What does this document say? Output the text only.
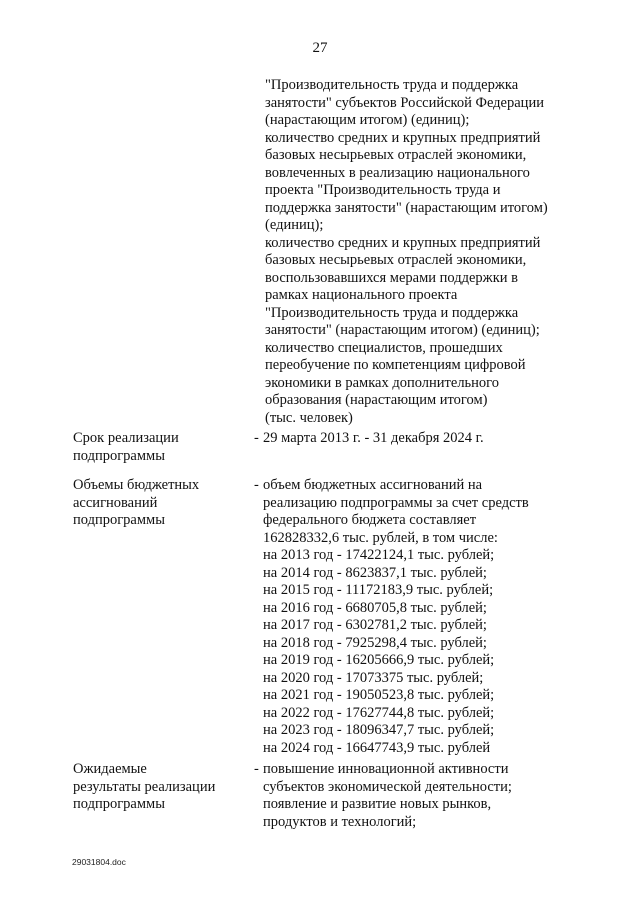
27
"Производительность труда и поддержка
занятости" субъектов Российской Федерации
(нарастающим итогом) (единиц);
количество средних и крупных предприятий
базовых несырьевых отраслей экономики,
вовлеченных в реализацию национального
проекта "Производительность труда и
поддержка занятости" (нарастающим итогом)
(единиц);
количество средних и крупных предприятий
базовых несырьевых отраслей экономики,
воспользовавшихся мерами поддержки в
рамках национального проекта
"Производительность труда и поддержка
занятости" (нарастающим итогом) (единиц);
количество специалистов, прошедших
переобучение по компетенциям цифровой
экономики в рамках дополнительного
образования (нарастающим итогом)
(тыс. человек)
Срок реализации
подпрограммы
- 29 марта 2013 г. - 31 декабря 2024 г.
Объемы бюджетных
ассигнований
подпрограммы
- объем бюджетных ассигнований на
реализацию подпрограммы за счет средств
федерального бюджета составляет
162828332,6 тыс. рублей, в том числе:
на 2013 год - 17422124,1 тыс. рублей;
на 2014 год - 8623837,1 тыс. рублей;
на 2015 год - 11172183,9 тыс. рублей;
на 2016 год - 6680705,8 тыс. рублей;
на 2017 год - 6302781,2 тыс. рублей;
на 2018 год - 7925298,4 тыс. рублей;
на 2019 год - 16205666,9 тыс. рублей;
на 2020 год - 17073375 тыс. рублей;
на 2021 год - 19050523,8 тыс. рублей;
на 2022 год - 17627744,8 тыс. рублей;
на 2023 год - 18096347,7 тыс. рублей;
на 2024 год - 16647743,9 тыс. рублей
Ожидаемые
результаты реализации
подпрограммы
- повышение инновационной активности
субъектов экономической деятельности;
появление и развитие новых рынков,
продуктов и технологий;
29031804.doc
